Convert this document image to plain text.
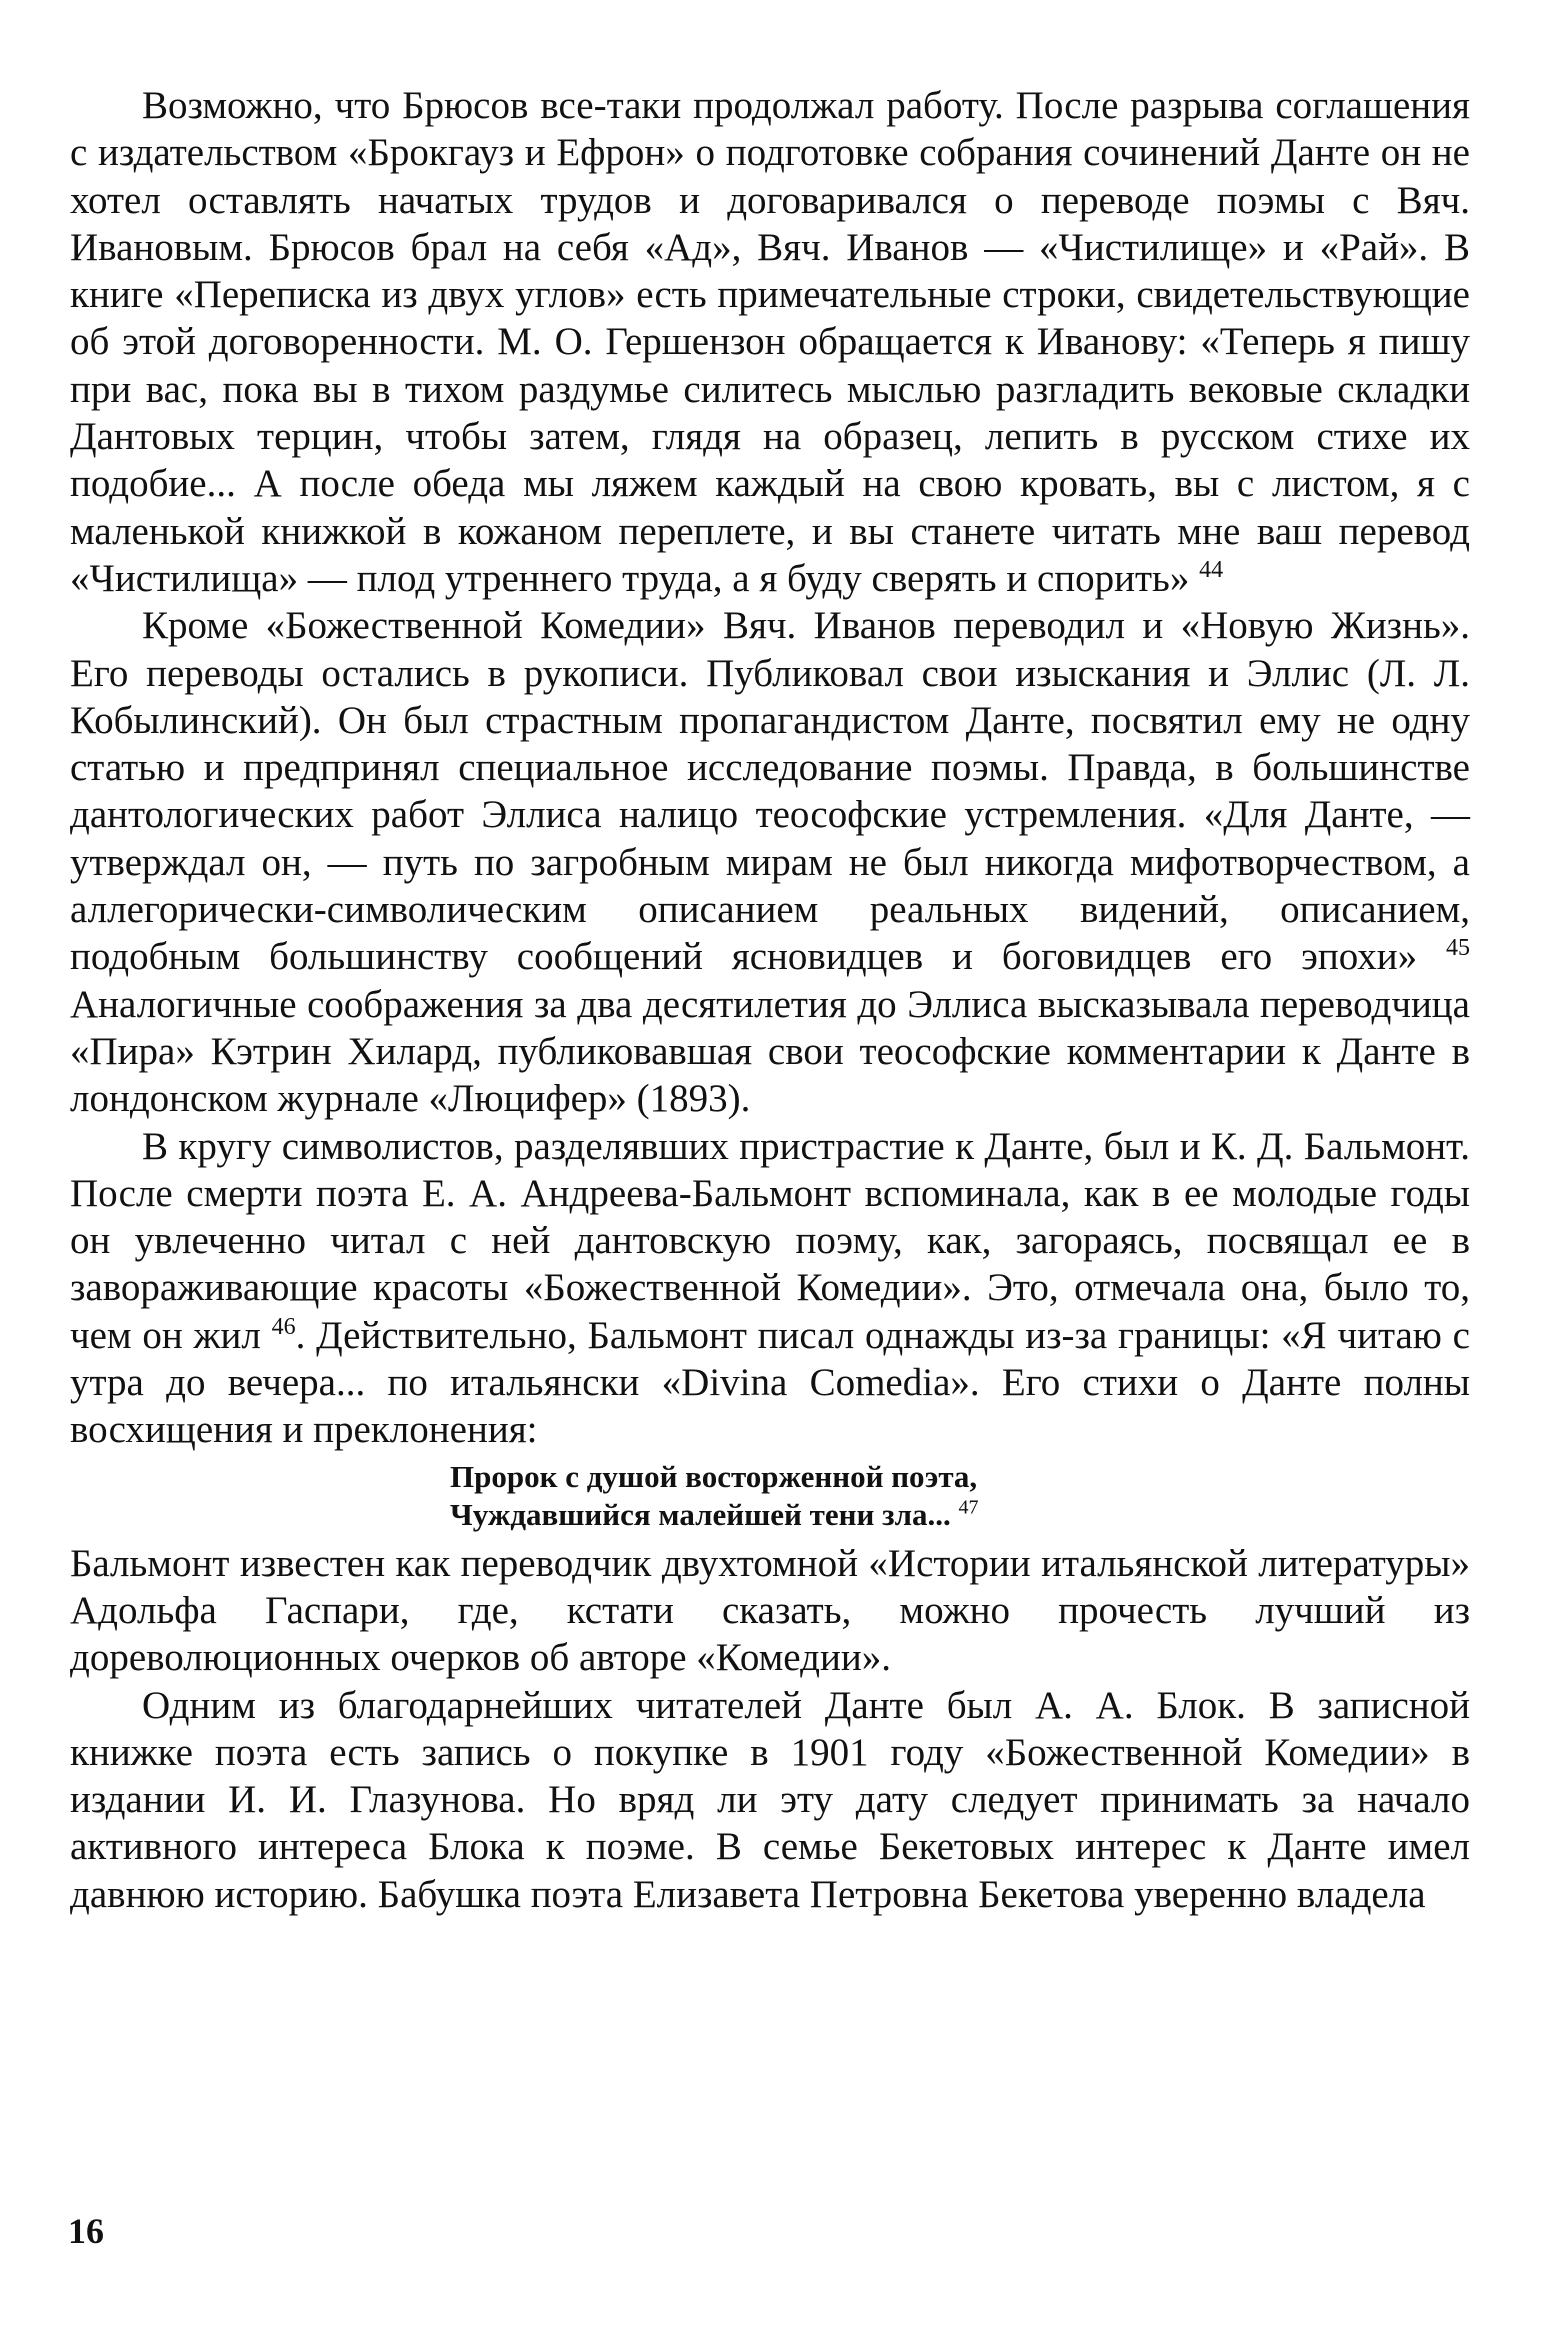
Возможно, что Брюсов все-таки продолжал работу. После разрыва соглашения с издательством «Брокгауз и Ефрон» о подготовке собрания сочинений Данте он не хотел оставлять начатых трудов и договаривался о переводе поэмы с Вяч. Ивановым. Брюсов брал на себя «Ад», Вяч. Иванов — «Чистилище» и «Рай». В книге «Переписка из двух углов» есть примечательные строки, свидетельствующие об этой договоренности. М. О. Гершензон обращается к Иванову: «Теперь я пишу при вас, пока вы в тихом раздумье силитесь мыслью разгладить вековые складки Дантовых терцин, чтобы затем, глядя на образец, лепить в русском стихе их подобие... А после обеда мы ляжем каждый на свою кровать, вы с листом, я с маленькой книжкой в кожаном переплете, и вы станете читать мне ваш перевод «Чистилища» — плод утреннего труда, а я буду сверять и спорить» $^{44}$

Кроме «Божественной Комедии» Вяч. Иванов переводил и «Новую Жизнь». Его переводы остались в рукописи. Публиковал свои изыскания и Эллис (Л. Л. Кобылинский). Он был страстным пропагандистом Данте, посвятил ему не одну статью и предпринял специальное исследование поэмы. Правда, в большинстве дантологических работ Эллиса налицо теософские устремления. «Для Данте, — утверждал он, — путь по загробным мирам не был никогда мифотворчеством, а аллегорически-символическим описанием реальных видений, описанием, подобным большинству сообщений ясновидцев и боговидцев его эпохи» $^{45}$ Аналогичные соображения за два десятилетия до Эллиса высказывала переводчица «Пира» Кэтрин Хилард, публиковавшая свои теософские комментарии к Данте в лондонском журнале «Люцифер» (1893).

В кругу символистов, разделявших пристрастие к Данте, был и К. Д. Бальмонт. После смерти поэта Е. А. Андреева-Бальмонт вспоминала, как в ее молодые годы он увлеченно читал с ней дантовскую поэму, как, загораясь, посвящал ее в завораживающие красоты «Божественной Комедии». Это, отмечала она, было то, чем он жил $^{46}$. Действительно, Бальмонт писал однажды из-за границы: «Я читаю с утра до вечера... по итальянски «Divina Comedia». Его стихи о Данте полны восхищения и преклонения:

Пророк с душой восторженной поэта,
Чуждавшийся малейшей тени зла... $^{47}$

Бальмонт известен как переводчик двухтомной «Истории итальянской литературы» Адольфа Гаспари, где, кстати сказать, можно прочесть лучший из дореволюционных очерков об авторе «Комедии».

Одним из благодарнейших читателей Данте был А. А. Блок. В записной книжке поэта есть запись о покупке в 1901 году «Божественной Комедии» в издании И. И. Глазунова. Но вряд ли эту дату следует принимать за начало активного интереса Блока к поэме. В семье Бекетовых интерес к Данте имел давнюю историю. Бабушка поэта Елизавета Петровна Бекетова уверенно владела

16
